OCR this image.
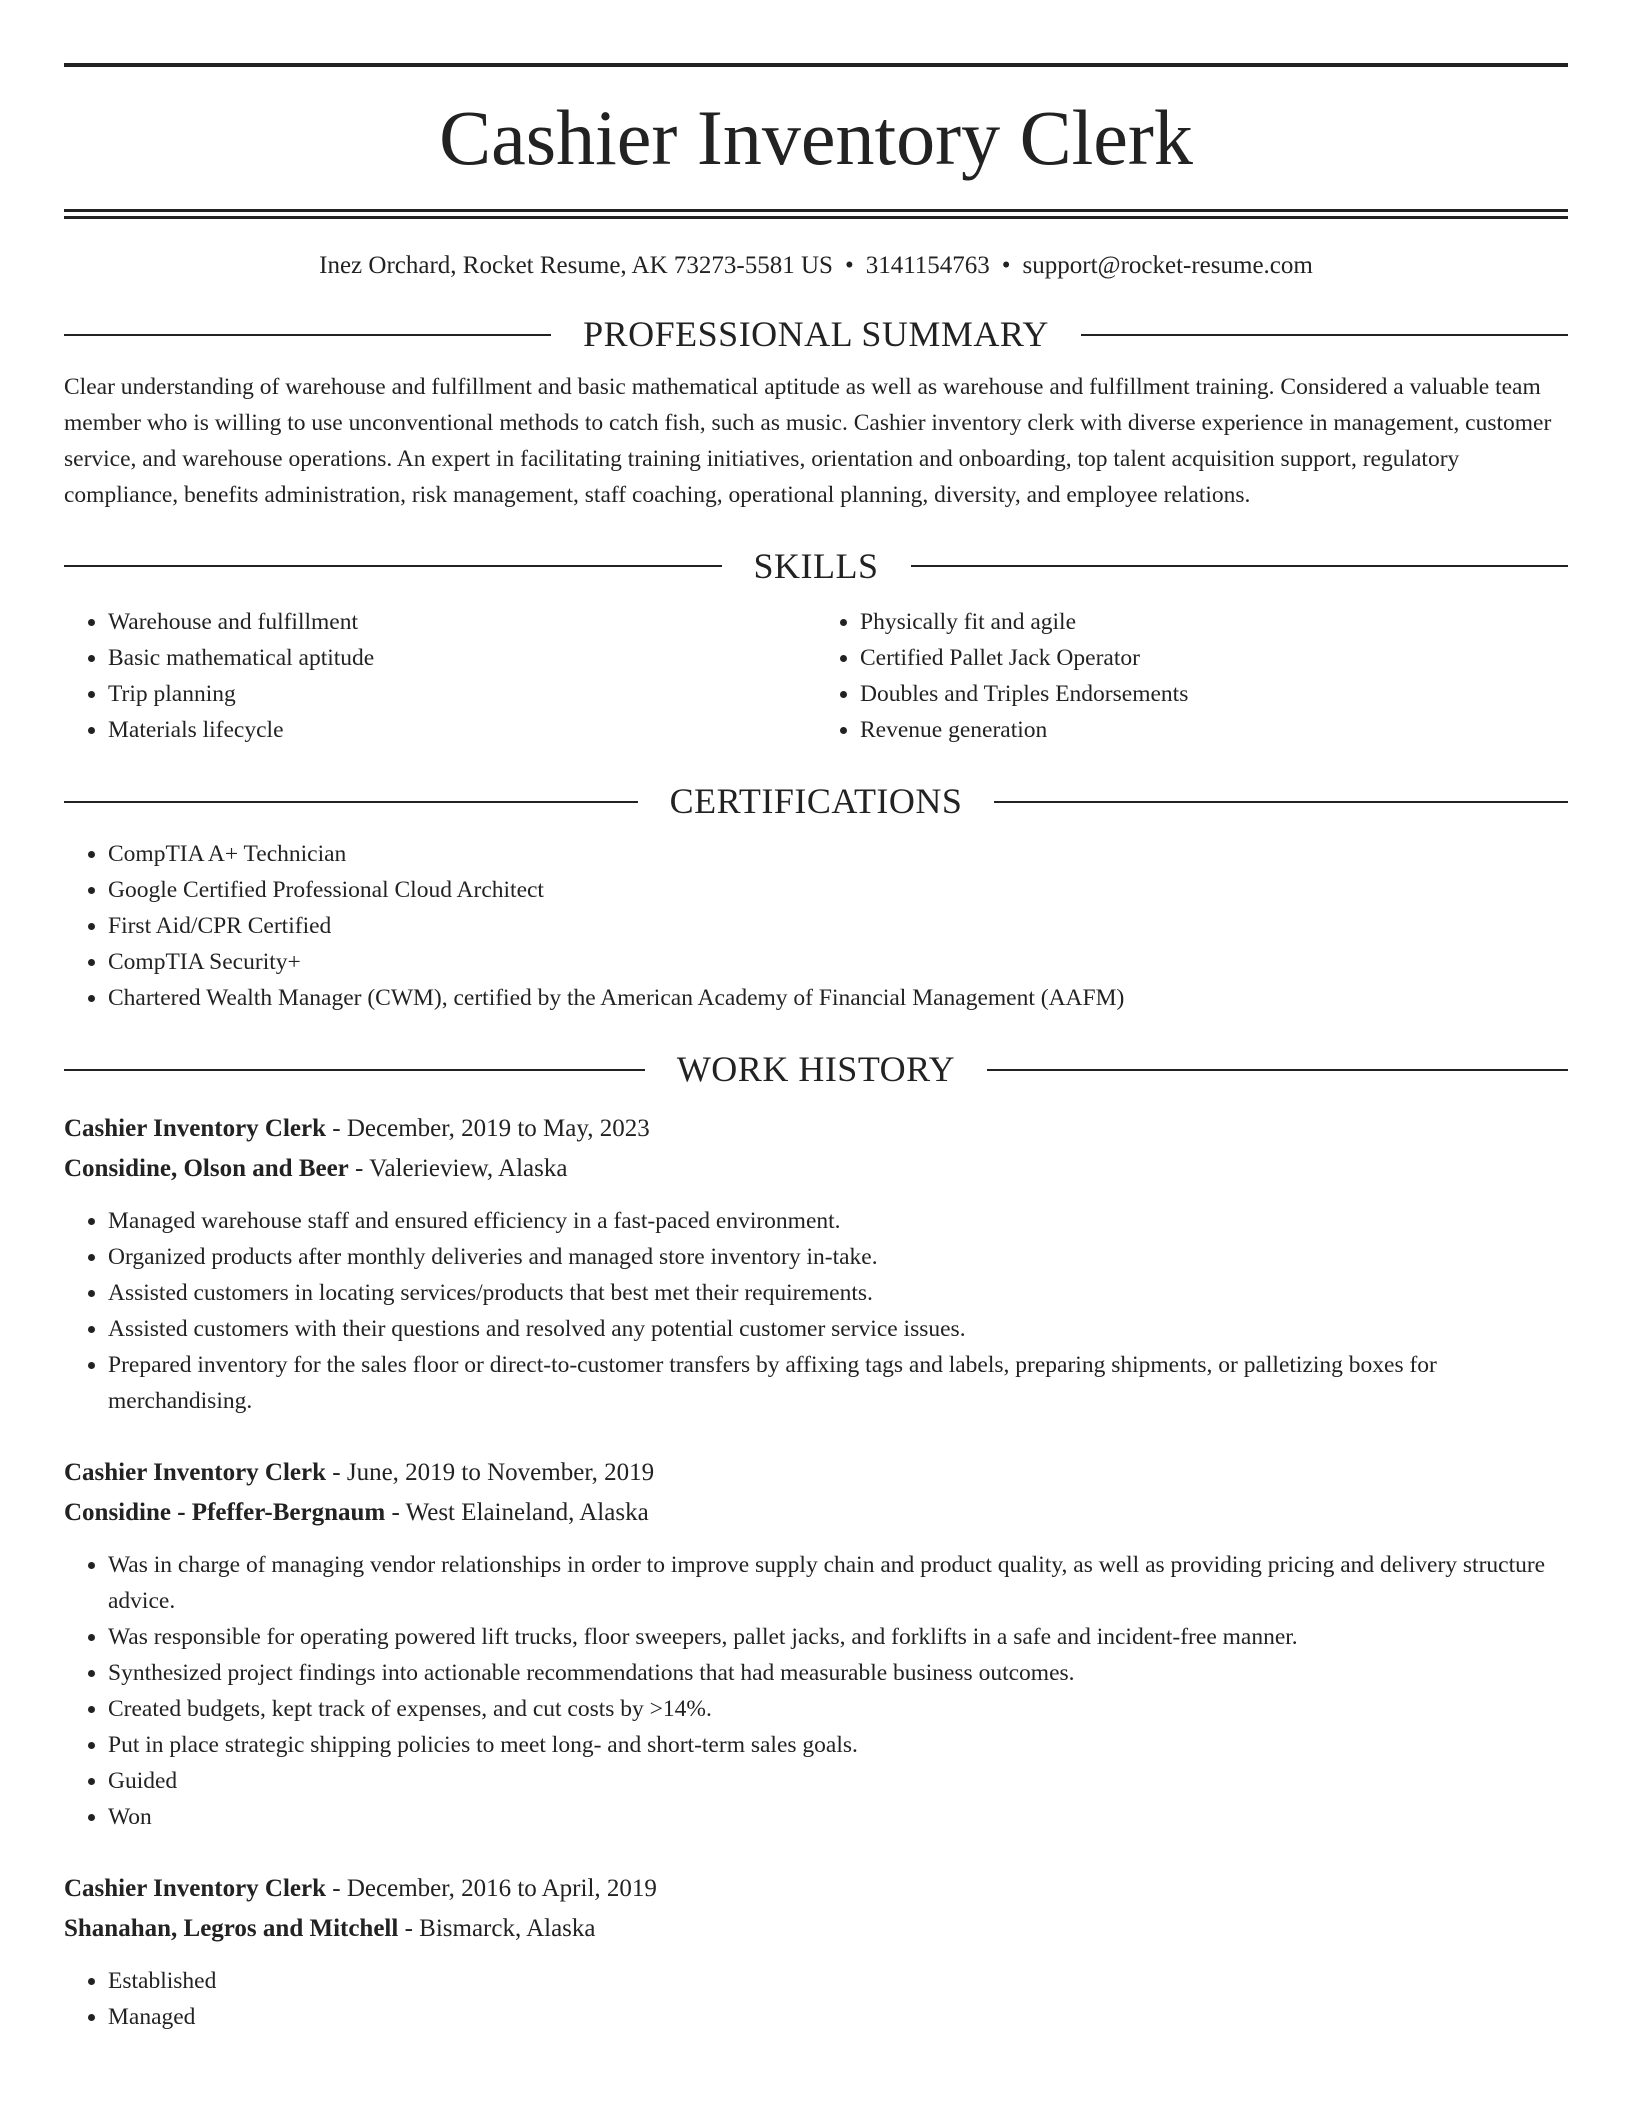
Cashier Inventory Clerk
Inez Orchard, Rocket Resume, AK 73273-5581 US • 3141154763 • support@rocket-resume.com
PROFESSIONAL SUMMARY

Clear understanding of warehouse and fulfillment and basic mathematical aptitude as well as warehouse and fulfillment training. Considered a valuable team member who is willing to use unconventional methods to catch fish, such as music. Cashier inventory clerk with diverse experience in management, customer service, and warehouse operations. An expert in facilitating training initiatives, orientation and onboarding, top talent acquisition support, regulatory compliance, benefits administration, risk management, staff coaching, operational planning, diversity, and employee relations.

SKILLS
• Warehouse and fulfillment
• Basic mathematical aptitude
• Trip planning
• Materials lifecycle
• Physically fit and agile
• Certified Pallet Jack Operator
• Doubles and Triples Endorsements
• Revenue generation
CERTIFICATIONS
• CompTIA A+ Technician
• Google Certified Professional Cloud Architect
• First Aid/CPR Certified
• CompTIA Security+
• Chartered Wealth Manager (CWM), certified by the American Academy of Financial Management (AAFM)
WORK HISTORY
Cashier Inventory Clerk - December, 2019 to May, 2023
Considine, Olson and Beer - Valerieview, Alaska
• Managed warehouse staff and ensured efficiency in a fast-paced environment.
• Organized products after monthly deliveries and managed store inventory in-take.
• Assisted customers in locating services/products that best met their requirements.
• Assisted customers with their questions and resolved any potential customer service issues.
• Prepared inventory for the sales floor or direct-to-customer transfers by affixing tags and labels, preparing shipments, or palletizing boxes for merchandising.
Cashier Inventory Clerk - June, 2019 to November, 2019
Considine - Pfeffer-Bergnaum - West Elaineland, Alaska
• Was in charge of managing vendor relationships in order to improve supply chain and product quality, as well as providing pricing and delivery structure advice.
• Was responsible for operating powered lift trucks, floor sweepers, pallet jacks, and forklifts in a safe and incident-free manner.
• Synthesized project findings into actionable recommendations that had measurable business outcomes.
• Created budgets, kept track of expenses, and cut costs by >14%.
• Put in place strategic shipping policies to meet long- and short-term sales goals.
• Guided
• Won
Cashier Inventory Clerk - December, 2016 to April, 2019
Shanahan, Legros and Mitchell - Bismarck, Alaska
• Established
• Managed
